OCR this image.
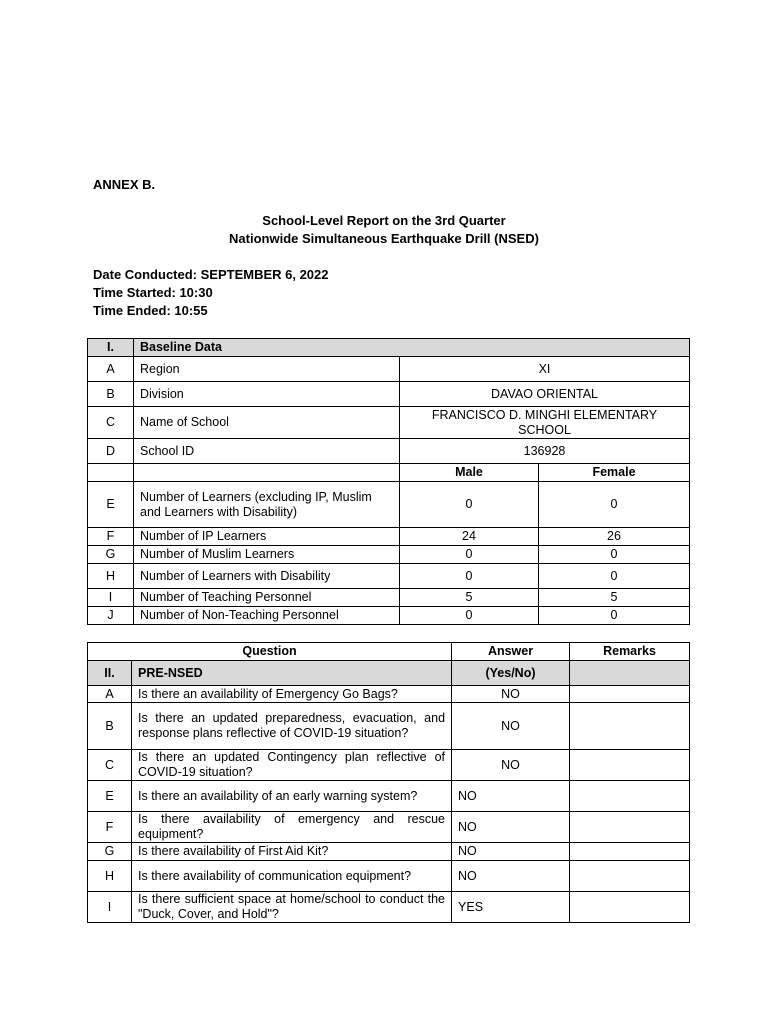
ANNEX B.
School-Level Report on the 3rd Quarter
Nationwide Simultaneous Earthquake Drill (NSED)
Date Conducted: SEPTEMBER 6, 2022
Time Started: 10:30
Time Ended: 10:55
I.	Baseline Data		
A	Region	XI	
B	Division	DAVAO ORIENTAL	
C	Name of School	FRANCISCO D. MINGHI ELEMENTARY SCHOOL	
D	School ID	136928	
		Male	Female
E	Number of Learners (excluding IP, Muslim and Learners with Disability)	0	0
F	Number of IP Learners	24	26
G	Number of Muslim Learners	0	0
H	Number of Learners with Disability	0	0
I	Number of Teaching Personnel	5	5
J	Number of Non-Teaching Personnel	0	0
Question		Answer	Remarks
II.	PRE-NSED	(Yes/No)	
A	Is there an availability of Emergency Go Bags?	NO	
B	Is there an updated preparedness, evacuation, and response plans reflective of COVID-19 situation?	NO	
C	Is there an updated Contingency plan reflective of COVID-19 situation?	NO	
E	Is there an availability of an early warning system?	NO	
F	Is there availability of emergency and rescue equipment?	NO	
G	Is there availability of First Aid Kit?	NO	
H	Is there availability of communication equipment?	NO	
I	Is there sufficient space at home/school to conduct the "Duck, Cover, and Hold"?	YES	
